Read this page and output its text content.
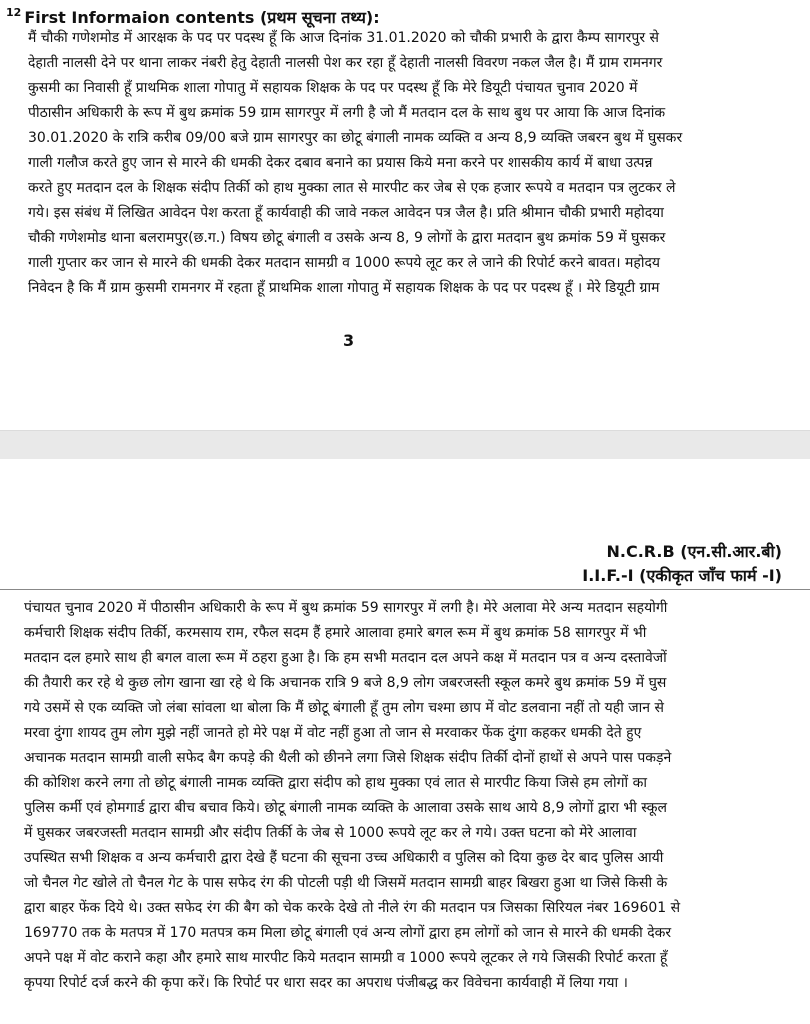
$^{12}$ First Informaion contents (प्रथम सूचना तथ्य):
मैं चौकी गणेशमोड में आरक्षक के पद पर पदस्थ हूँ कि आज दिनांक 31.01.2020 को चौकी प्रभारी के द्वारा कैम्प सागरपुर से
देहाती नालसी देने पर थाना लाकर नंबरी हेतु देहाती नालसी पेश कर रहा हूँ देहाती नालसी विवरण नकल जैल है। मैं ग्राम रामनगर
कुसमी का निवासी हूँ प्राथमिक शाला गोपातु में सहायक शिक्षक के पद पर पदस्थ हूँ कि मेरे डियूटी पंचायत चुनाव 2020 में
पीठासीन अधिकारी के रूप में बुथ क्रमांक 59 ग्राम सागरपुर में लगी है जो मैं मतदान दल के साथ बुथ पर आया कि आज दिनांक
30.01.2020 के रात्रि करीब 09/00 बजे ग्राम सागरपुर का छोटू बंगाली नामक व्यक्ति व अन्य 8,9 व्यक्ति जबरन बुथ में घुसकर
गाली गलौज करते हुए जान से मारने की धमकी देकर दबाव बनाने का प्रयास किये मना करने पर शासकीय कार्य में बाधा उत्पन्न
करते हुए मतदान दल के शिक्षक संदीप तिर्की को हाथ मुक्का लात से मारपीट कर जेब से एक हजार रूपये व मतदान पत्र लुटकर ले
गये। इस संबंध में लिखित आवेदन पेश करता हूँ कार्यवाही की जावे नकल आवेदन पत्र जैल है। प्रति श्रीमान चौकी प्रभारी महोदया
चौकी गणेशमोड थाना बलरामपुर(छ.ग.) विषय छोटू बंगाली व उसके अन्य 8, 9 लोगों के द्वारा मतदान बुथ क्रमांक 59 में घुसकर
गाली गुप्तार कर जान से मारने की धमकी देकर मतदान सामग्री व 1000 रूपये लूट कर ले जाने की रिपोर्ट करने बावत। महोदय
निवेदन है कि मैं ग्राम कुसमी रामनगर में रहता हूँ प्राथमिक शाला गोपातु में सहायक शिक्षक के पद पर पदस्थ हूँ । मेरे डियूटी ग्राम
3
N.C.R.B (एन.सी.आर.बी)
I.I.F.-I (एकीकृत जाँच फार्म -I)
पंचायत चुनाव 2020 में पीठासीन अधिकारी के रूप में बुथ क्रमांक 59 सागरपुर में लगी है। मेरे अलावा मेरे अन्य मतदान सहयोगी
कर्मचारी शिक्षक संदीप तिर्की, करमसाय राम, रफैल सदम हैं हमारे आलावा हमारे बगल रूम में बुथ क्रमांक 58 सागरपुर में भी
मतदान दल हमारे साथ ही बगल वाला रूम में ठहरा हुआ है। कि हम सभी मतदान दल अपने कक्ष में मतदान पत्र व अन्य दस्तावेजों
की तैयारी कर रहे थे कुछ लोग खाना खा रहे थे कि अचानक रात्रि 9 बजे 8,9 लोग जबरजस्ती स्कूल कमरे बुथ क्रमांक 59 में घुस
गये उसमें से एक व्यक्ति जो लंबा सांवला था बोला कि मैं छोटू बंगाली हूँ तुम लोग चश्मा छाप में वोट डलवाना नहीं तो यही जान से
मरवा दुंगा शायद तुम लोग मुझे नहीं जानते हो मेरे पक्ष में वोट नहीं हुआ तो जान से मरवाकर फेंक दुंगा कहकर धमकी देते हुए
अचानक मतदान सामग्री वाली सफेद बैग कपड़े की थैली को छीनने लगा जिसे शिक्षक संदीप तिर्की दोनों हाथों से अपने पास पकड़ने
की कोशिश करने लगा तो छोटू बंगाली नामक व्यक्ति द्वारा संदीप को हाथ मुक्का एवं लात से मारपीट किया जिसे हम लोगों का
पुलिस कर्मी एवं होमगार्ड द्वारा बीच बचाव किये। छोटू बंगाली नामक व्यक्ति के आलावा उसके साथ आये 8,9 लोगों द्वारा भी स्कूल
में घुसकर जबरजस्ती मतदान सामग्री और संदीप तिर्की के जेब से 1000 रूपये लूट कर ले गये। उक्त घटना को मेरे आलावा
उपस्थित सभी शिक्षक व अन्य कर्मचारी द्वारा देखे हैं घटना की सूचना उच्च अधिकारी व पुलिस को दिया कुछ देर बाद पुलिस आयी
जो चैनल गेट खोले तो चैनल गेट के पास सफेद रंग की पोटली पड़ी थी जिसमें मतदान सामग्री बाहर बिखरा हुआ था जिसे किसी के
द्वारा बाहर फेंक दिये थे। उक्त सफेद रंग की बैग को चेक करके देखे तो नीले रंग की मतदान पत्र जिसका सिरियल नंबर 169601 से
169770 तक के मतपत्र में 170 मतपत्र कम मिला छोटू बंगाली एवं अन्य लोगों द्वारा हम लोगों को जान से मारने की धमकी देकर
अपने पक्ष में वोट कराने कहा और हमारे साथ मारपीट किये मतदान सामग्री व 1000 रूपये लूटकर ले गये जिसकी रिपोर्ट करता हूँ
कृपया रिपोर्ट दर्ज करने की कृपा करें। कि रिपोर्ट पर धारा सदर का अपराध पंजीबद्ध कर विवेचना कार्यवाही में लिया गया ।
